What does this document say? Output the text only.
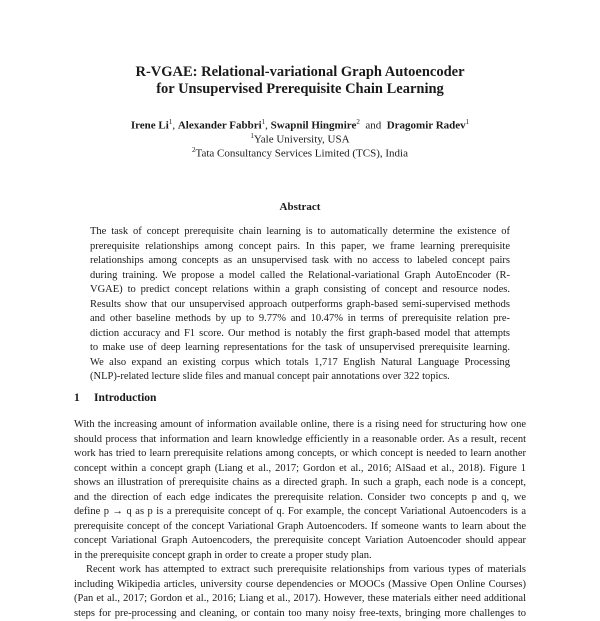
R-VGAE: Relational-variational Graph Autoencoder
for Unsupervised Prerequisite Chain Learning
Irene Li$^1$, Alexander Fabbri$^1$, Swapnil Hingmire$^2$ and Dragomir Radev$^1$
$^1$Yale University, USA
$^2$Tata Consultancy Services Limited (TCS), India
Abstract
The task of concept prerequisite chain learning is to automatically determine the existence of
prerequisite relationships among concept pairs. In this paper, we frame learning prerequisite
relationships among concepts as an unsupervised task with no access to labeled concept pairs
during training. We propose a model called the Relational-variational Graph AutoEncoder (R-
VGAE) to predict concept relations within a graph consisting of concept and resource nodes.
Results show that our unsupervised approach outperforms graph-based semi-supervised methods
and other baseline methods by up to 9.77% and 10.47% in terms of prerequisite relation pre-
diction accuracy and F1 score. Our method is notably the first graph-based model that attempts
to make use of deep learning representations for the task of unsupervised prerequisite learning.
We also expand an existing corpus which totals 1,717 English Natural Language Processing
(NLP)-related lecture slide files and manual concept pair annotations over 322 topics.
1 Introduction
With the increasing amount of information available online, there is a rising need for structuring how one
should process that information and learn knowledge efficiently in a reasonable order. As a result, recent
work has tried to learn prerequisite relations among concepts, or which concept is needed to learn another
concept within a concept graph (Liang et al., 2017; Gordon et al., 2016; AlSaad et al., 2018). Figure 1
shows an illustration of prerequisite chains as a directed graph. In such a graph, each node is a concept,
and the direction of each edge indicates the prerequisite relation. Consider two concepts p and q, we
define p → q as p is a prerequisite concept of q. For example, the concept Variational Autoencoders is a
prerequisite concept of the concept Variational Graph Autoencoders. If someone wants to learn about the
concept Variational Graph Autoencoders, the prerequisite concept Variation Autoencoder should appear
in the prerequisite concept graph in order to create a proper study plan.
Recent work has attempted to extract such prerequisite relationships from various types of materials
including Wikipedia articles, university course dependencies or MOOCs (Massive Open Online Courses)
(Pan et al., 2017; Gordon et al., 2016; Liang et al., 2017). However, these materials either need additional
steps for pre-processing and cleaning, or contain too many noisy free-texts, bringing more challenges to
